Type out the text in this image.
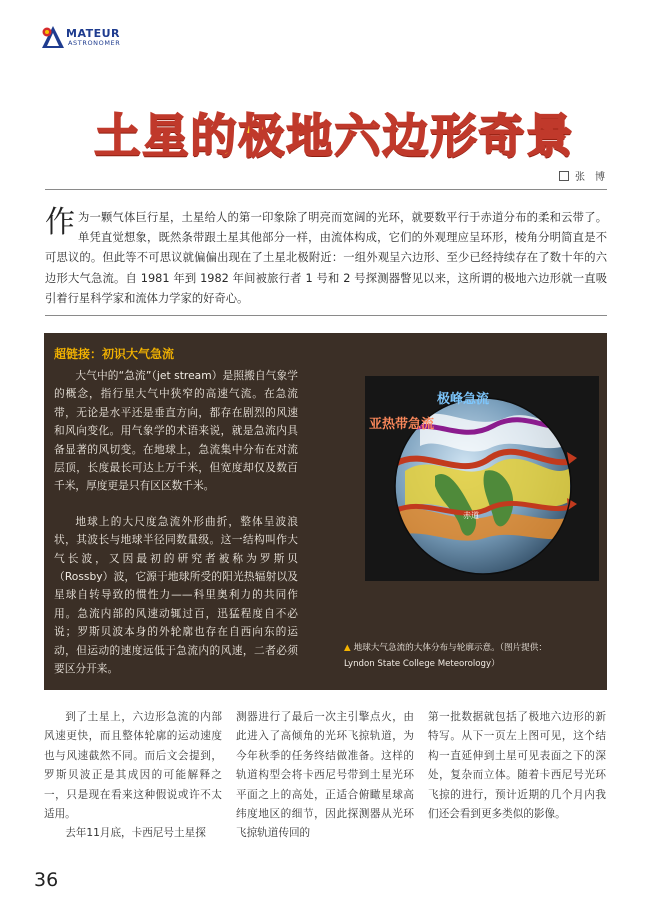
MATEUR
ASTRONOMER
土星的极地六边形奇景
张　博
作为一颗气体巨行星，土星给人的第一印象除了明亮而宽阔的光环，就要数平行于赤道分布的柔和云带了。单凭直觉想象，既然条带跟土星其他部分一样，由流体构成，它们的外观理应呈环形，棱角分明简直是不可思议的。但此等不可思议就偏偏出现在了土星北极附近：一组外观呈六边形、至少已经持续存在了数十年的六边形大气急流。自 1981 年到 1982 年间被旅行者 1 号和 2 号探测器瞥见以来，这所谓的极地六边形就一直吸引着行星科学家和流体力学家的好奇心。
超链接：初识大气急流

大气中的“急流”（jet stream）是照搬自气象学的概念，指行星大气中狭窄的高速气流。在急流带，无论是水平还是垂直方向，都存在剧烈的风速和风向变化。用气象学的术语来说，就是急流内具备显著的风切变。在地球上，急流集中分布在对流层顶，长度最长可达上万千米，但宽度却仅及数百千米，厚度更是只有区区数千米。

地球上的大尺度急流外形曲折，整体呈波浪状，其波长与地球半径同数量级。这一结构叫作大气长波，又因最初的研究者被称为罗斯贝（Rossby）波，它源于地球所受的阳光热辐射以及星球自转导致的惯性力——科里奥利力的共同作用。急流内部的风速动辄过百，迅猛程度自不必说；罗斯贝波本身的外轮廓也存在自西向东的运动，但运动的速度远低于急流内的风速，二者必须要区分开来。

极峰急流
亚热带急流
赤道
▲ 地球大气急流的大体分布与轮廓示意。（图片提供：
Lyndon State College Meteorology）

到了土星上，六边形急流的内部风速更快，而且整体轮廓的运动速度也与风速截然不同。而后文会提到，罗斯贝波正是其成因的可能解释之一，只是现在看来这种假说或许不太适用。

去年11月底，卡西尼号土星探

测器进行了最后一次主引擎点火，由此进入了高倾角的光环飞掠轨道，为今年秋季的任务终结做准备。这样的轨道构型会将卡西尼号带到土星光环平面之上的高处，正适合俯瞰星球高纬度地区的细节，因此探测器从光环飞掠轨道传回的

第一批数据就包括了极地六边形的新特写。从下一页左上图可见，这个结构一直延伸到土星可见表面之下的深处，复杂而立体。随着卡西尼号光环飞掠的进行，预计近期的几个月内我们还会看到更多类似的影像。

36
